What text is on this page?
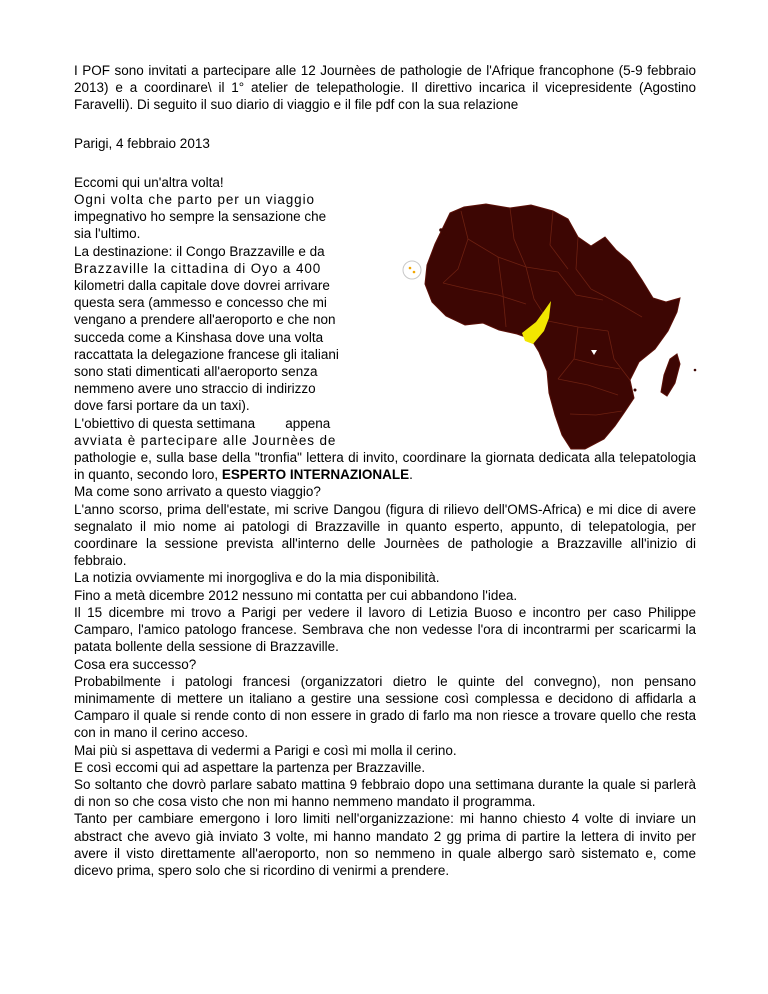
I POF sono invitati a partecipare alle 12 Journèes de pathologie de l'Afrique francophone (5-9 febbraio 2013) e a coordinare\ il 1° atelier de telepathologie. Il direttivo incarica il vicepresidente (Agostino Faravelli). Di seguito il suo diario di viaggio e il file pdf con la sua relazione

Parigi, 4 febbraio 2013

Eccomi qui un'altra volta!

Ogni volta che parto per un viaggio

impegnativo ho sempre la sensazione che

sia l'ultimo.

La destinazione: il Congo Brazzaville e da

Brazzaville la cittadina di Oyo a 400

kilometri dalla capitale dove dovrei arrivare

questa sera (ammesso e concesso che mi

vengano a prendere all'aeroporto e che non

succeda come a Kinshasa dove una volta

raccattata la delegazione francese gli italiani

sono stati dimenticati all'aeroporto senza

nemmeno avere uno straccio di indirizzo

dove farsi portare da un taxi).

L'obiettivo di questa settimana        appena

avviata è partecipare alle Journèes de

pathologie e, sulla base della "tronfia" lettera di invito, coordinare la giornata dedicata alla telepatologia in quanto, secondo loro, ESPERTO INTERNAZIONALE.

Ma come sono arrivato a questo viaggio?

L'anno scorso, prima dell'estate, mi scrive Dangou (figura di rilievo dell'OMS-Africa) e mi dice di avere segnalato il mio nome ai patologi di Brazzaville in quanto esperto, appunto, di telepatologia, per coordinare la sessione prevista all'interno delle Journèes de pathologie a Brazzaville all'inizio di febbraio.

La notizia ovviamente mi inorgogliva e do la mia disponibilità.

Fino a metà dicembre 2012 nessuno mi contatta per cui abbandono l'idea.

Il 15 dicembre mi trovo a Parigi per vedere il lavoro di Letizia Buoso e incontro per caso Philippe Camparo, l'amico patologo francese. Sembrava che non vedesse l'ora di incontrarmi per scaricarmi la patata bollente della sessione di Brazzaville.

Cosa era successo?

Probabilmente i patologi francesi (organizzatori dietro le quinte del convegno), non pensano minimamente di mettere un italiano a gestire una sessione così complessa e decidono di affidarla a Camparo il quale si rende conto di non essere in grado di farlo ma non riesce a trovare quello che resta con in mano il cerino acceso.

Mai più si aspettava di vedermi a Parigi e così mi molla il cerino.

E così eccomi qui ad aspettare la partenza per Brazzaville.

So soltanto che dovrò parlare sabato mattina 9 febbraio dopo una settimana durante la quale si parlerà di non so che cosa visto che non mi hanno nemmeno mandato il programma.

Tanto per cambiare emergono i loro limiti nell'organizzazione: mi hanno chiesto 4 volte di inviare un abstract che avevo già inviato 3 volte, mi hanno mandato 2 gg prima di partire la lettera di invito per avere il visto direttamente all'aeroporto, non so nemmeno in quale albergo sarò sistemato e, come dicevo prima, spero solo che si ricordino di venirmi a prendere.
